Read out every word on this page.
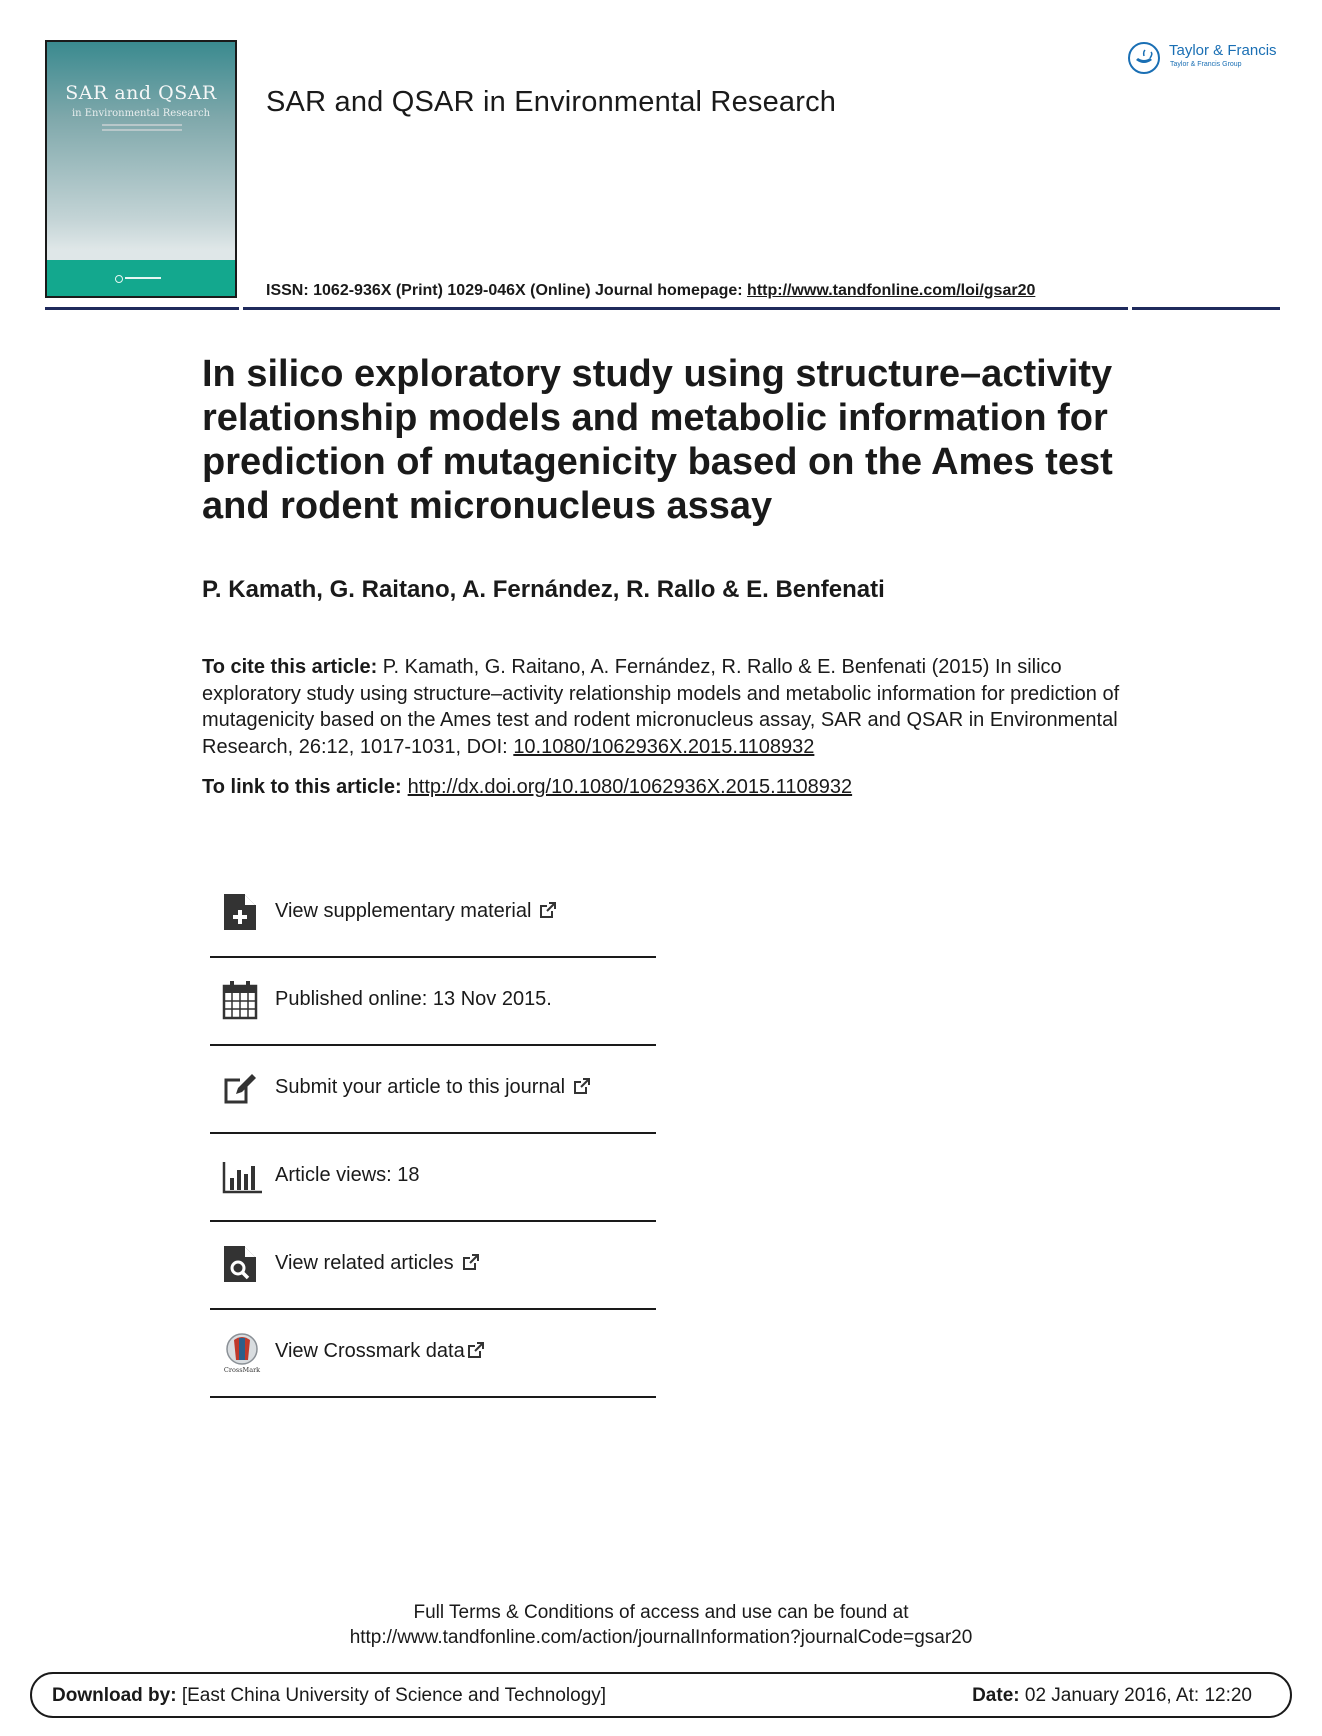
SAR and QSAR
in Environmental Research	SAR and QSAR in Environmental Research
Taylor & Francis
Taylor & Francis Group
ISSN: 1062-936X (Print) 1029-046X (Online) Journal homepage: http://www.tandfonline.com/loi/gsar20
In silico exploratory study using structure–activity relationship models and metabolic information for prediction of mutagenicity based on the Ames test and rodent micronucleus assay
P. Kamath, G. Raitano, A. Fernández, R. Rallo & E. Benfenati
To cite this article: P. Kamath, G. Raitano, A. Fernández, R. Rallo & E. Benfenati (2015) In silico exploratory study using structure–activity relationship models and metabolic information for prediction of mutagenicity based on the Ames test and rodent micronucleus assay, SAR and QSAR in Environmental Research, 26:12, 1017-1031, DOI: 10.1080/1062936X.2015.1108932
To link to this article: http://dx.doi.org/10.1080/1062936X.2015.1108932
View supplementary material
Published online: 13 Nov 2015.
Submit your article to this journal
Article views: 18
View related articles
CrossMark
View Crossmark data
Full Terms & Conditions of access and use can be found at
http://www.tandfonline.com/action/journalInformation?journalCode=gsar20
Download by: [East China University of Science and Technology]	Date: 02 January 2016, At: 12:20
